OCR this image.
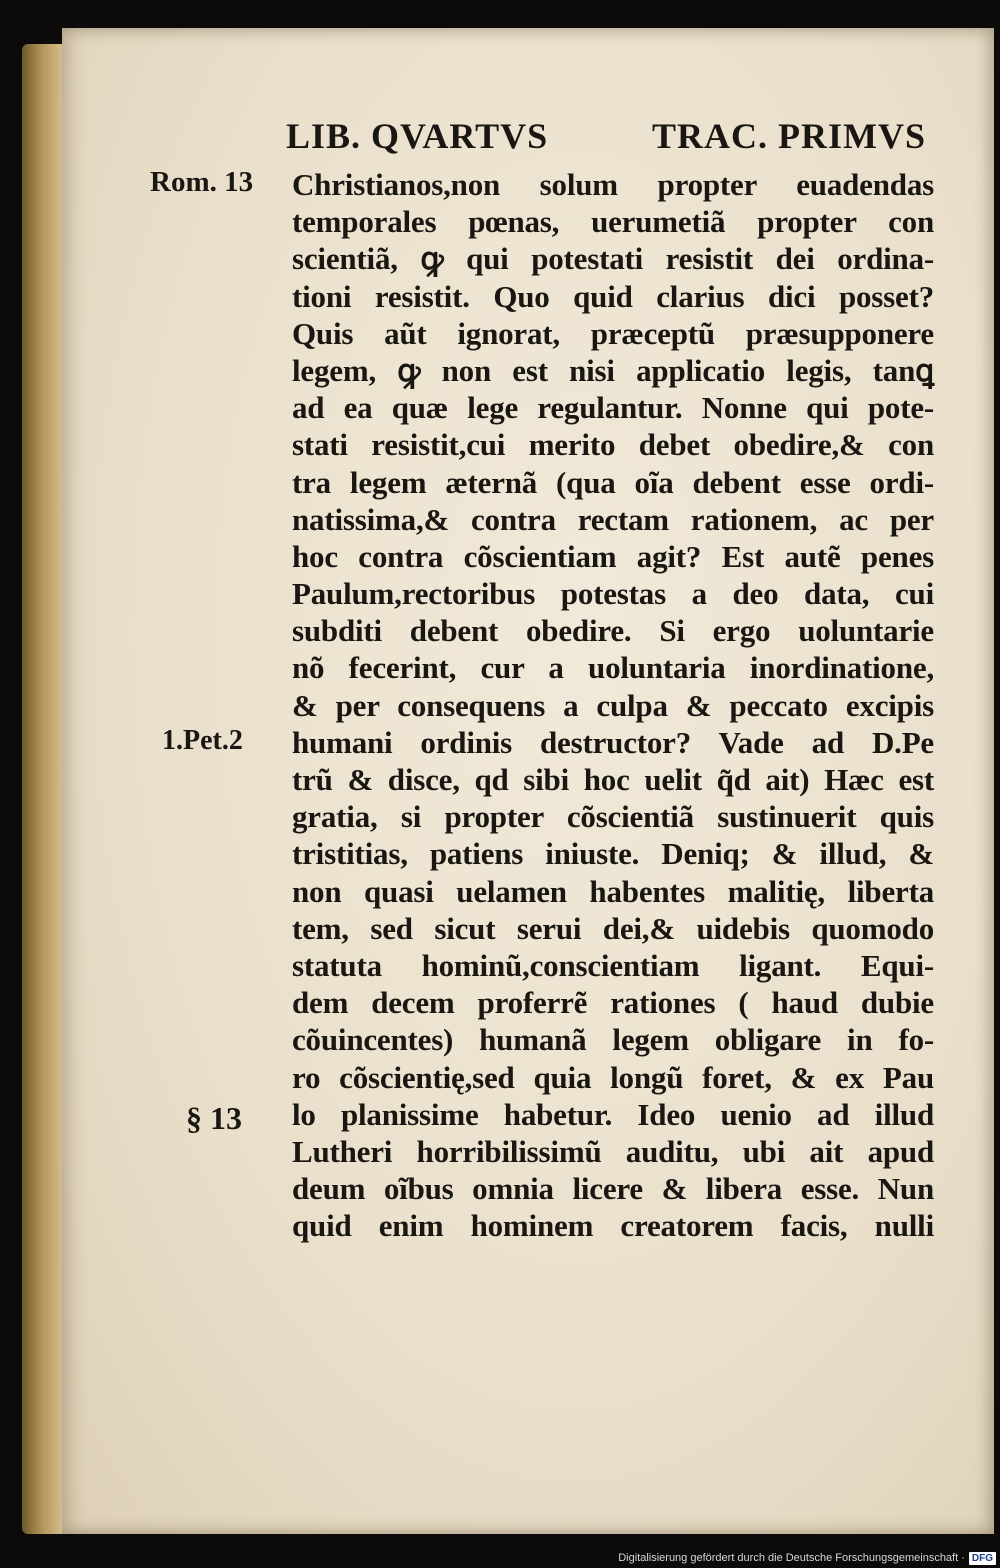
LIB. QVARTVS	TRAC. PRIMVS
Rom. 13
1.Pet.2
§ 13
Christianos,non solum propter euadendas
temporales pœnas, uerumetiã propter con
scientiã, ꝙ qui potestati resistit dei ordina-
tioni resistit. Quo quid clarius dici posset?
Quis aũt ignorat, præceptũ præsupponere
legem, ꝙ non est nisi applicatio legis, tanꝗ
ad ea quæ lege regulantur. Nonne qui pote-
stati resistit,cui merito debet obedire,& con
tra legem æternã (qua oĩa debent esse ordi-
natissima,& contra rectam rationem, ac per
hoc contra cõscientiam agit? Est autẽ penes
Paulum,rectoribus potestas a deo data, cui
subditi debent obedire. Si ergo uoluntarie
nõ fecerint, cur a uoluntaria inordinatione,
& per consequens a culpa & peccato excipis
humani ordinis destructor? Vade ad D.Pe
trũ & disce, qd sibi hoc uelit q̃d ait) Hæc est
gratia, si propter cõscientiã sustinuerit quis
tristitias, patiens iniuste. Deniq; & illud, &
non quasi uelamen habentes malitię, liberta
tem, sed sicut serui dei,& uidebis quomodo
statuta hominũ,conscientiam ligant. Equi-
dem decem proferrẽ rationes ( haud dubie
cõuincentes) humanã legem obligare in fo-
ro cõscientię,sed quia longũ foret, & ex Pau
lo planissime habetur. Ideo uenio ad illud
Lutheri horribilissimũ auditu, ubi ait apud
deum oĩbus omnia licere & libera esse. Nun
quid enim hominem creatorem facis, nulli
Digitalisierung gefördert durch die Deutsche Forschungsgemeinschaft · DFG
